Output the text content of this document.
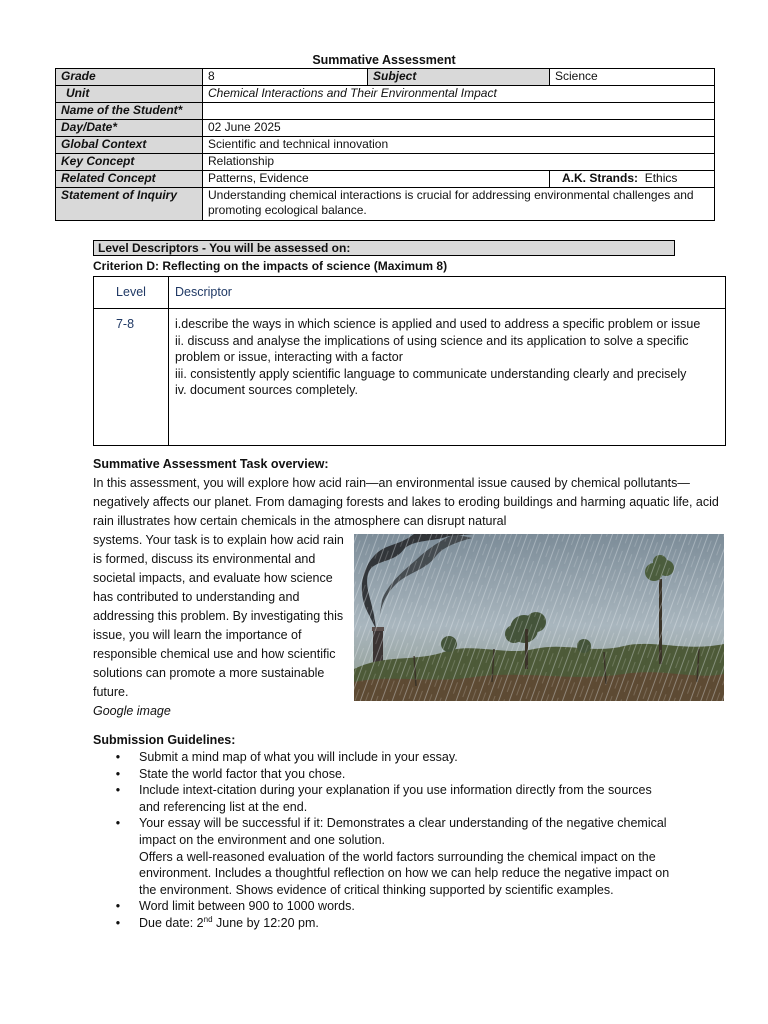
Summative Assessment
Grade	8	Subject	Science
Unit	Chemical Interactions and Their Environmental Impact		
Name of the Student*			
Day/Date*	02 June 2025		
Global Context	Scientific and technical innovation		
Key Concept	Relationship		
Related Concept	Patterns, Evidence		A.K. Strands: Ethics
Statement of Inquiry	Understanding chemical interactions is crucial for addressing environmental challenges and promoting ecological balance.		
Level Descriptors - You will be assessed on:
Criterion D: Reflecting on the impacts of science (Maximum 8)
Level	Descriptor
7-8	i.describe the ways in which science is applied and used to address a specific problem or issue
ii. discuss and analyse the implications of using science and its application to solve a specific problem or issue, interacting with a factor
iii. consistently apply scientific language to communicate understanding clearly and precisely
iv. document sources completely.
Summative Assessment Task overview:
In this assessment, you will explore how acid rain—an environmental issue caused by chemical pollutants—negatively affects our planet. From damaging forests and lakes to eroding buildings and harming aquatic life, acid rain illustrates how certain chemicals in the atmosphere can disrupt natural
systems. Your task is to explain how acid rain is formed, discuss its environmental and societal impacts, and evaluate how science has contributed to understanding and addressing this problem. By investigating this issue, you will learn the importance of responsible chemical use and how scientific solutions can promote a more sustainable future.
Google image
Submission Guidelines:
• Submit a mind map of what you will include in your essay.
• State the world factor that you chose.
• Include intext-citation during your explanation if you use information directly from the sources and referencing list at the end.
• Your essay will be successful if it: Demonstrates a clear understanding of the negative chemical impact on the environment and one solution.
Offers a well-reasoned evaluation of the world factors surrounding the chemical impact on the environment. Includes a thoughtful reflection on how we can help reduce the negative impact on the environment. Shows evidence of critical thinking supported by scientific examples.
• Word limit between 900 to 1000 words.
• Due date: 2nd June by 12:20 pm.
